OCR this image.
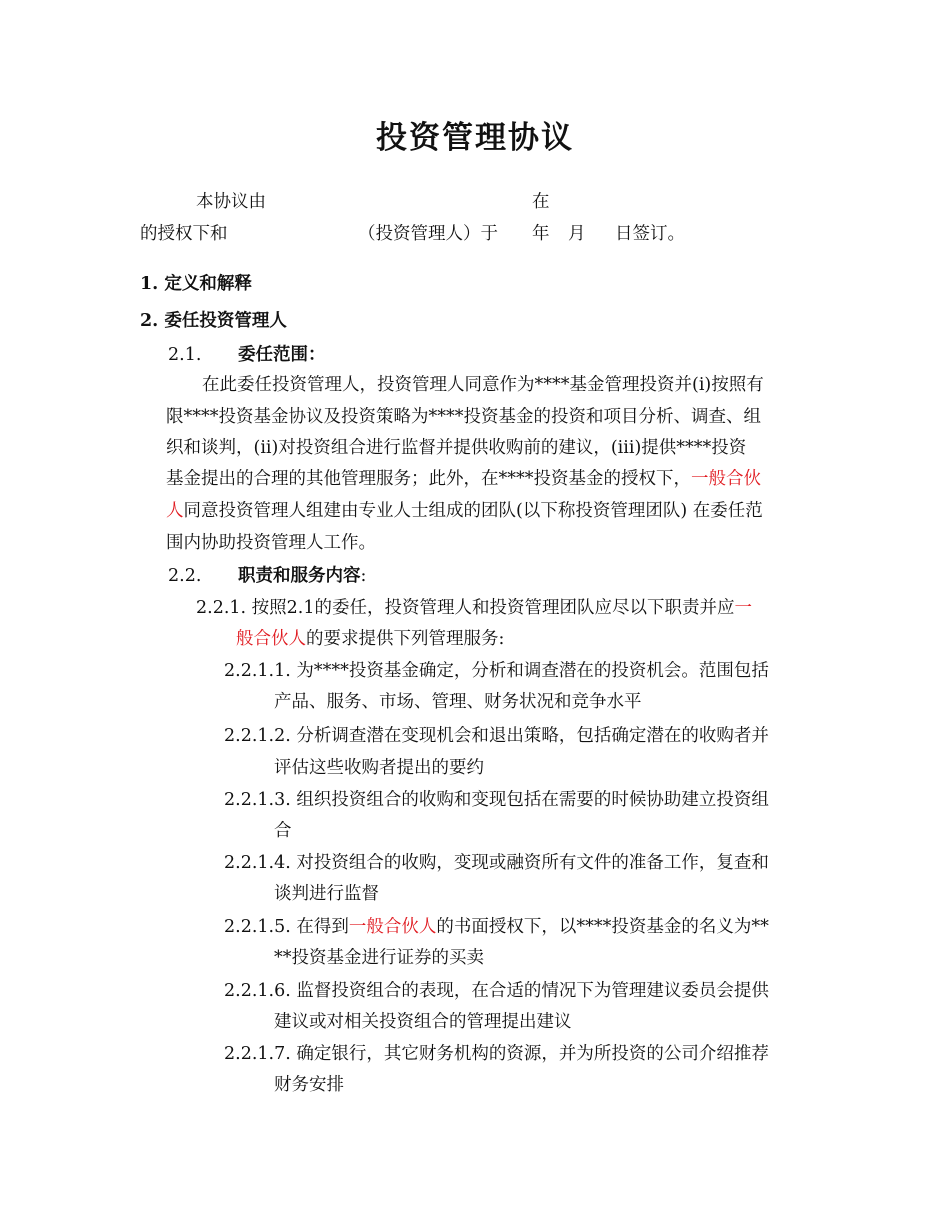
投资管理协议
本协议由	在
的授权下和	（投资管理人）于 年 月 日签订。
1. 定义和解释
2. 委任投资管理人
2.1. 委任范围：
在此委任投资管理人，投资管理人同意作为****基金管理投资并(i)按照有
限****投资基金协议及投资策略为****投资基金的投资和项目分析、调查、组
织和谈判，(ii)对投资组合进行监督并提供收购前的建议，(iii)提供****投资
基金提出的合理的其他管理服务；此外，在****投资基金的授权下，一般合伙
人同意投资管理人组建由专业人士组成的团队(以下称投资管理团队) 在委任范
围内协助投资管理人工作。
2.2. 职责和服务内容:
2.2.1. 按照2.1的委任，投资管理人和投资管理团队应尽以下职责并应一
般合伙人的要求提供下列管理服务:
2.2.1.1. 为****投资基金确定，分析和调查潜在的投资机会。范围包括
产品、服务、市场、管理、财务状况和竞争水平
2.2.1.2. 分析调查潜在变现机会和退出策略，包括确定潜在的收购者并
评估这些收购者提出的要约
2.2.1.3. 组织投资组合的收购和变现包括在需要的时候协助建立投资组
合
2.2.1.4. 对投资组合的收购，变现或融资所有文件的准备工作，复查和
谈判进行监督
2.2.1.5. 在得到一般合伙人的书面授权下，以****投资基金的名义为**
**投资基金进行证券的买卖
2.2.1.6. 监督投资组合的表现，在合适的情况下为管理建议委员会提供
建议或对相关投资组合的管理提出建议
2.2.1.7. 确定银行，其它财务机构的资源，并为所投资的公司介绍推荐
财务安排
